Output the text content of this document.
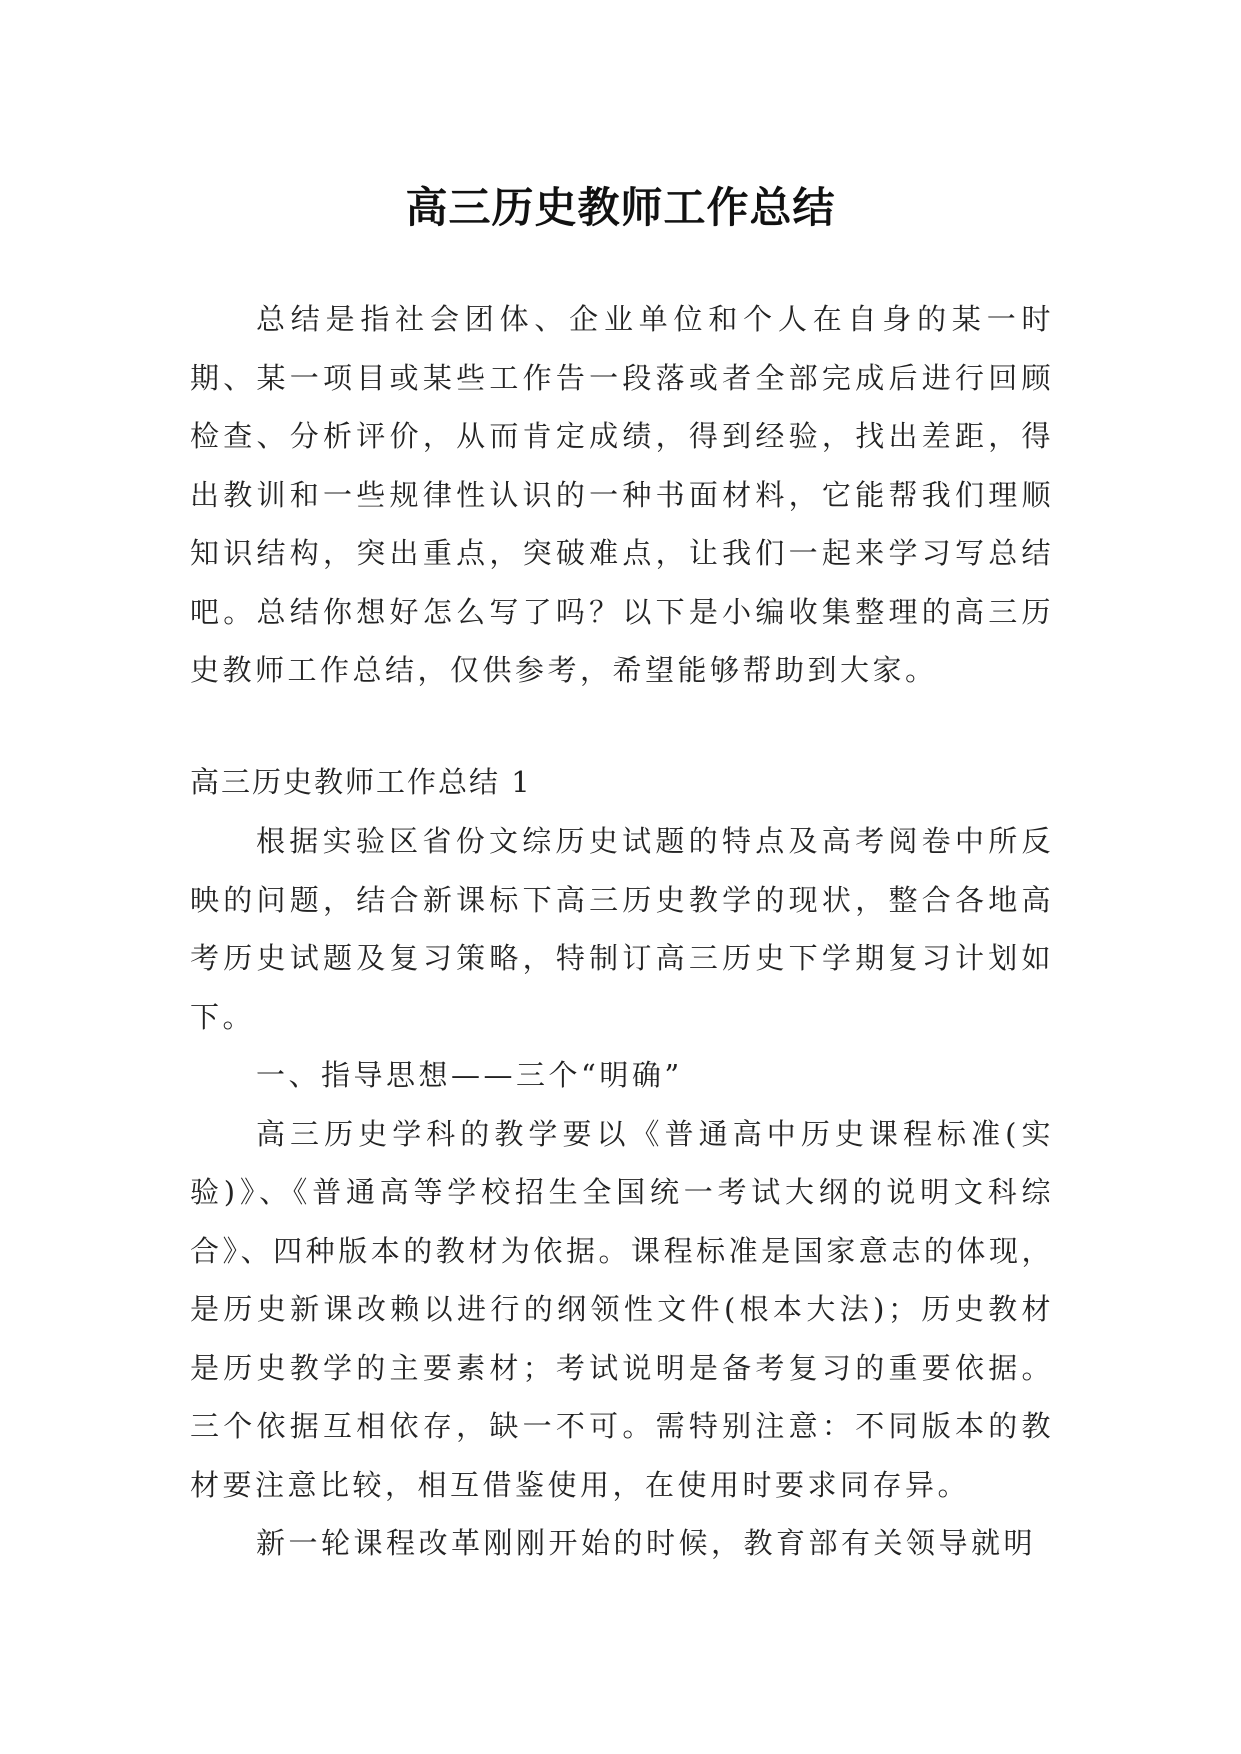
高三历史教师工作总结

总结是指社会团体、企业单位和个人在自身的某一时期、某一项目或某些工作告一段落或者全部完成后进行回顾检查、分析评价，从而肯定成绩，得到经验，找出差距，得出教训和一些规律性认识的一种书面材料，它能帮我们理顺知识结构，突出重点，突破难点，让我们一起来学习写总结吧。总结你想好怎么写了吗？以下是小编收集整理的高三历史教师工作总结，仅供参考，希望能够帮助到大家。

高三历史教师工作总结 1

根据实验区省份文综历史试题的特点及高考阅卷中所反映的问题，结合新课标下高三历史教学的现状，整合各地高考历史试题及复习策略，特制订高三历史下学期复习计划如下。

一、指导思想——三个“明确”

高三历史学科的教学要以《普通高中历史课程标准(实验)》、《普通高等学校招生全国统一考试大纲的说明文科综合》、四种版本的教材为依据。课程标准是国家意志的体现，是历史新课改赖以进行的纲领性文件(根本大法)；历史教材是历史教学的主要素材；考试说明是备考复习的重要依据。三个依据互相依存，缺一不可。需特别注意：不同版本的教材要注意比较，相互借鉴使用，在使用时要求同存异。

新一轮课程改革刚刚开始的时候，教育部有关领导就明
